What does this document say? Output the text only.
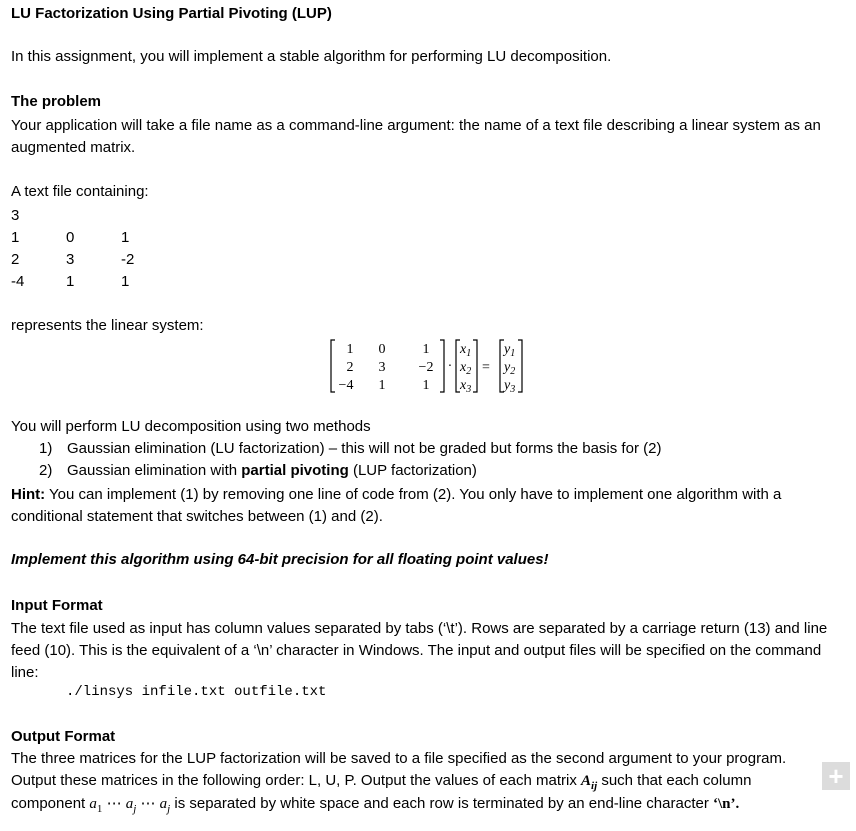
LU Factorization Using Partial Pivoting (LUP)
In this assignment, you will implement a stable algorithm for performing LU decomposition.
The problem
Your application will take a file name as a command-line argument: the name of a text file describing a linear system as an augmented matrix.
A text file containing:
3
1	0	1
2	3	-2
-4	1	1
represents the linear system:
1 0	1
2 3 −2
−4 1	1
·
$x_1$
$x_2$
$x_3$
=
$y_1$
$y_2$
$y_3$
You will perform LU decomposition using two methods
1) Gaussian elimination (LU factorization) – this will not be graded but forms the basis for (2)
2) Gaussian elimination with partial pivoting (LUP factorization)
Hint: You can implement (1) by removing one line of code from (2). You only have to implement one algorithm with a conditional statement that switches between (1) and (2).
Implement this algorithm using 64-bit precision for all floating point values!
Input Format
The text file used as input has column values separated by tabs (‘\t’). Rows are separated by a carriage return (13) and line feed (10). This is the equivalent of a ‘\n’ character in Windows. The input and output files will be specified on the command line:
./linsys infile.txt outfile.txt
Output Format
The three matrices for the LUP factorization will be saved to a file specified as the second argument to your program.
Output these matrices in the following order: L, U, P. Output the values of each matrix $A_{ij}$ such that each column
component $a_1$ ⋯ $a_j$ ⋯ $a_j$ is separated by white space and each row is terminated by an end-line character ‘\n’.
+
